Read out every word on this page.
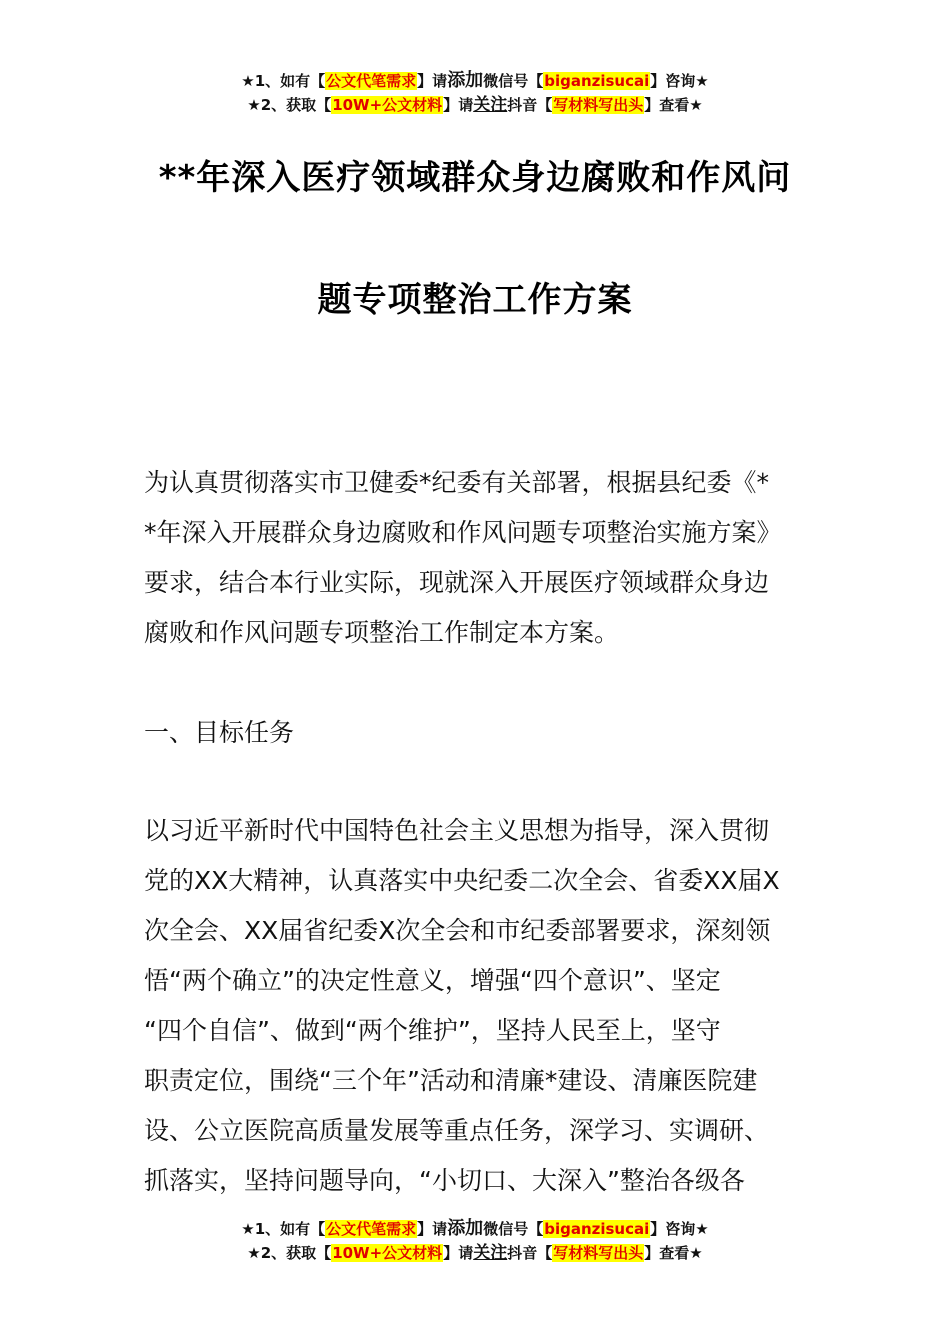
★1、如有【公文代笔需求】请添加微信号【biganzisucai】咨询★
★2、获取【10W+公文材料】请关注抖音【写材料写出头】查看★
**年深入医疗领域群众身边腐败和作风问
题专项整治工作方案

为认真贯彻落实市卫健委*纪委有关部署，根据县纪委《*
*年深入开展群众身边腐败和作风问题专项整治实施方案》
要求，结合本行业实际，现就深入开展医疗领域群众身边
腐败和作风问题专项整治工作制定本方案。

一、目标任务

以习近平新时代中国特色社会主义思想为指导，深入贯彻
党的XX大精神，认真落实中央纪委二次全会、省委XX届X
次全会、XX届省纪委X次全会和市纪委部署要求，深刻领
悟“两个确立”的决定性意义，增强“四个意识”、坚定
“四个自信”、做到“两个维护”，坚持人民至上，坚守
职责定位，围绕“三个年”活动和清廉*建设、清廉医院建
设、公立医院高质量发展等重点任务，深学习、实调研、
抓落实，坚持问题导向，“小切口、大深入”整治各级各

★1、如有【公文代笔需求】请添加微信号【biganzisucai】咨询★
★2、获取【10W+公文材料】请关注抖音【写材料写出头】查看★
